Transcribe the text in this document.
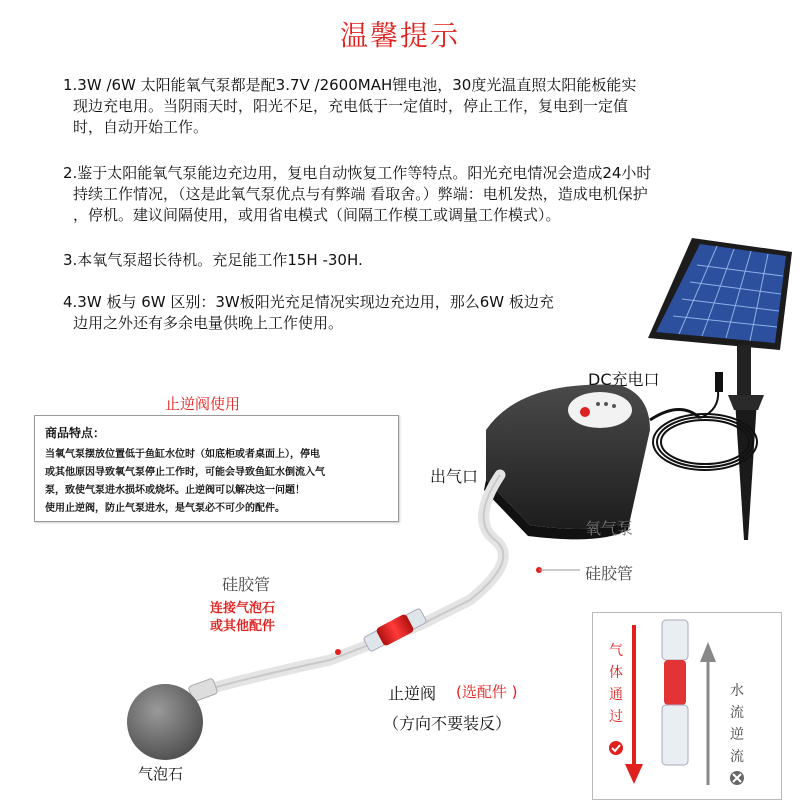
温馨提示
1.3W /6W 太阳能氧气泵都是配3.7V /2600MAH锂电池，30度光温直照太阳能板能实
现边充电用。当阴雨天时，阳光不足，充电低于一定值时，停止工作，复电到一定值
时，自动开始工作。
2.鉴于太阳能氧气泵能边充边用，复电自动恢复工作等特点。阳光充电情况会造成24小时
持续工作情况，（这是此氧气泵优点与有弊端 看取舍。）弊端：电机发热，造成电机保护
，停机。建议间隔使用，或用省电模式（间隔工作模工或调量工作模式）。
3.本氧气泵超长待机。充足能工作15H -30H.
4.3W 板与 6W 区别：3W板阳光充足情况实现边充边用，那么6W 板边充
边用之外还有多余电量供晚上工作使用。
气
体
通
过
水
流
逆
流
商品特点：
当氧气泵摆放位置低于鱼缸水位时（如底柜或者桌面上），停电
或其他原因导致氧气泵停止工作时，可能会导致鱼缸水倒流入气
泵，致使气泵进水损坏或烧坏。止逆阀可以解决这一问题！
使用止逆阀，防止气泵进水，是气泵必不可少的配件。
止逆阀使用
DC充电口
出气口
氧气泵
硅胶管
硅胶管
连接气泡石
或其他配件
止逆阀 (选配件 )
（方向不要装反）
气泡石
